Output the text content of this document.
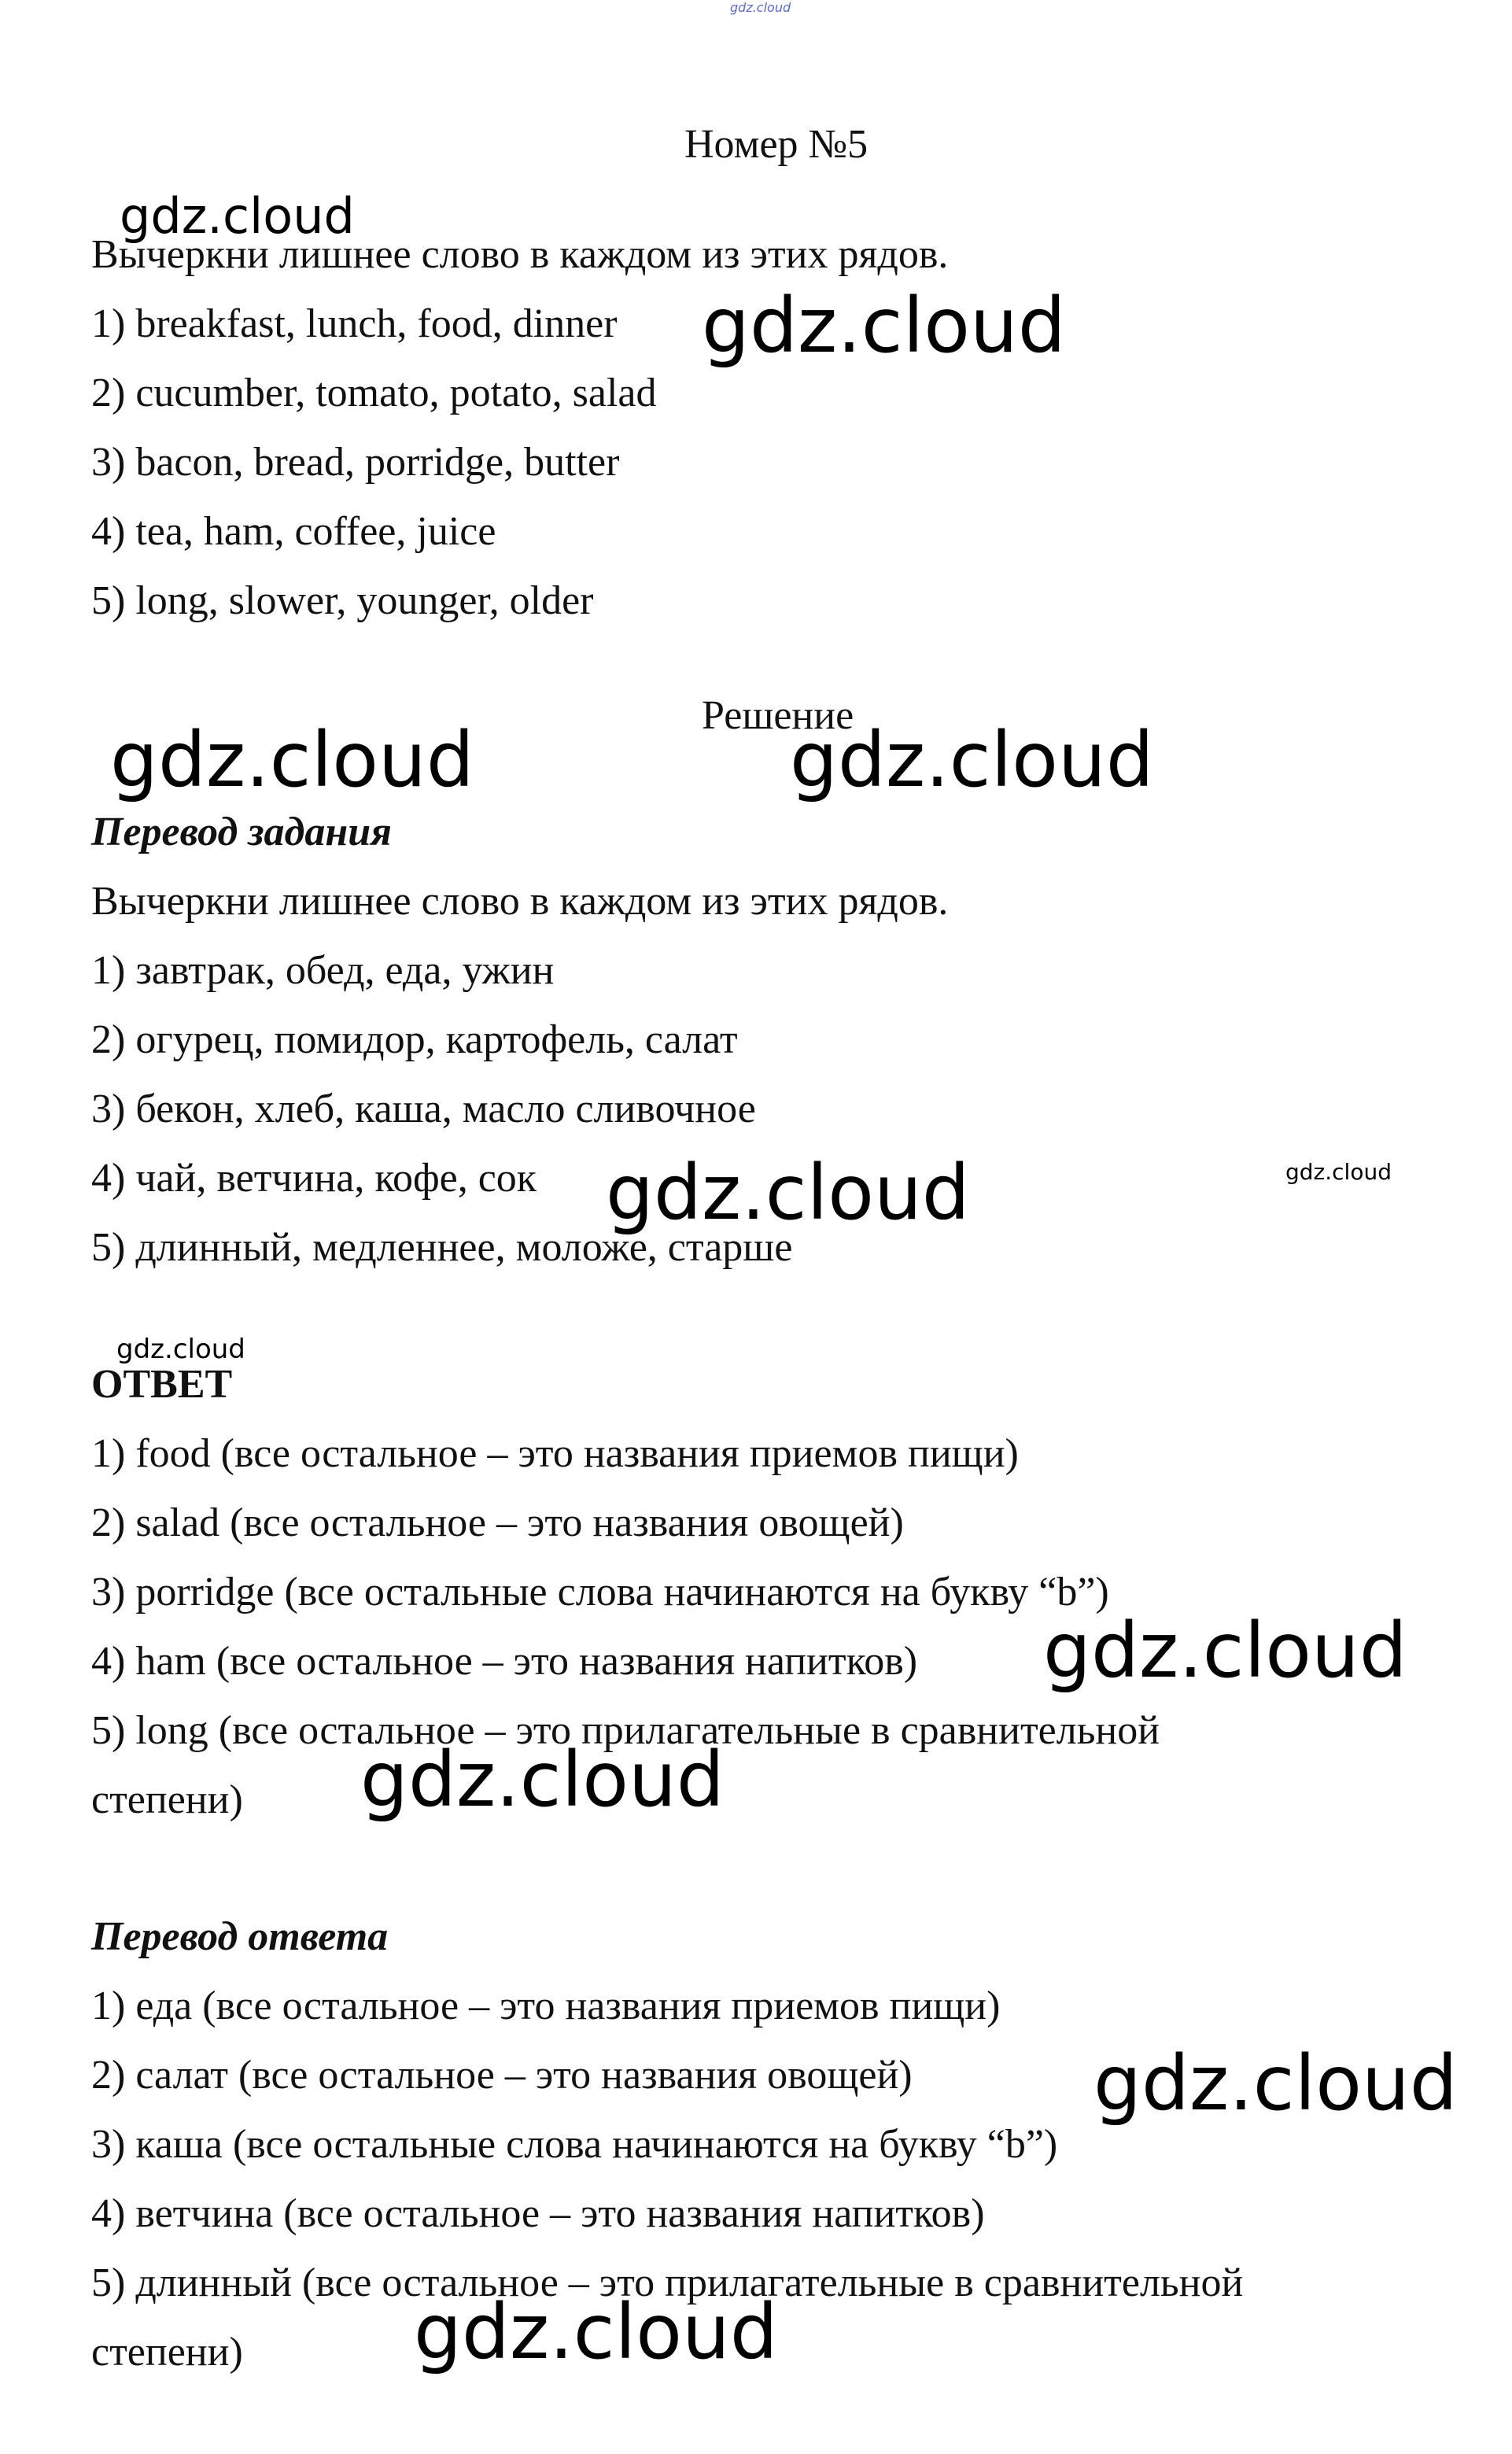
gdz.cloud
Номер №5
Вычеркни лишнее слово в каждом из этих рядов.
1) breakfast, lunch, food, dinner
2) cucumber, tomato, potato, salad
3) bacon, bread, porridge, butter
4) tea, ham, coffee, juice
5) long, slower, younger, older
Решение
Перевод задания
Вычеркни лишнее слово в каждом из этих рядов.
1) завтрак, обед, еда, ужин
2) огурец, помидор, картофель, салат
3) бекон, хлеб, каша, масло сливочное
4) чай, ветчина, кофе, сок
5) длинный, медленнее, моложе, старше
ОТВЕТ
1) food (все остальное – это названия приемов пищи)
2) salad (все остальное – это названия овощей)
3) porridge (все остальные слова начинаются на букву “b”)
4) ham (все остальное – это названия напитков)
5) long (все остальное – это прилагательные в сравнительной
степени)
Перевод ответа
1) еда (все остальное – это названия приемов пищи)
2) салат (все остальное – это названия овощей)
3) каша (все остальные слова начинаются на букву “b”)
4) ветчина (все остальное – это названия напитков)
5) длинный (все остальное – это прилагательные в сравнительной
степени)
gdz.cloud
gdz.cloud
gdz.cloud	gdz.cloud
gdz.cloud	gdz.cloud
gdz.cloud
gdz.cloud
gdz.cloud
gdz.cloud
gdz.cloud
